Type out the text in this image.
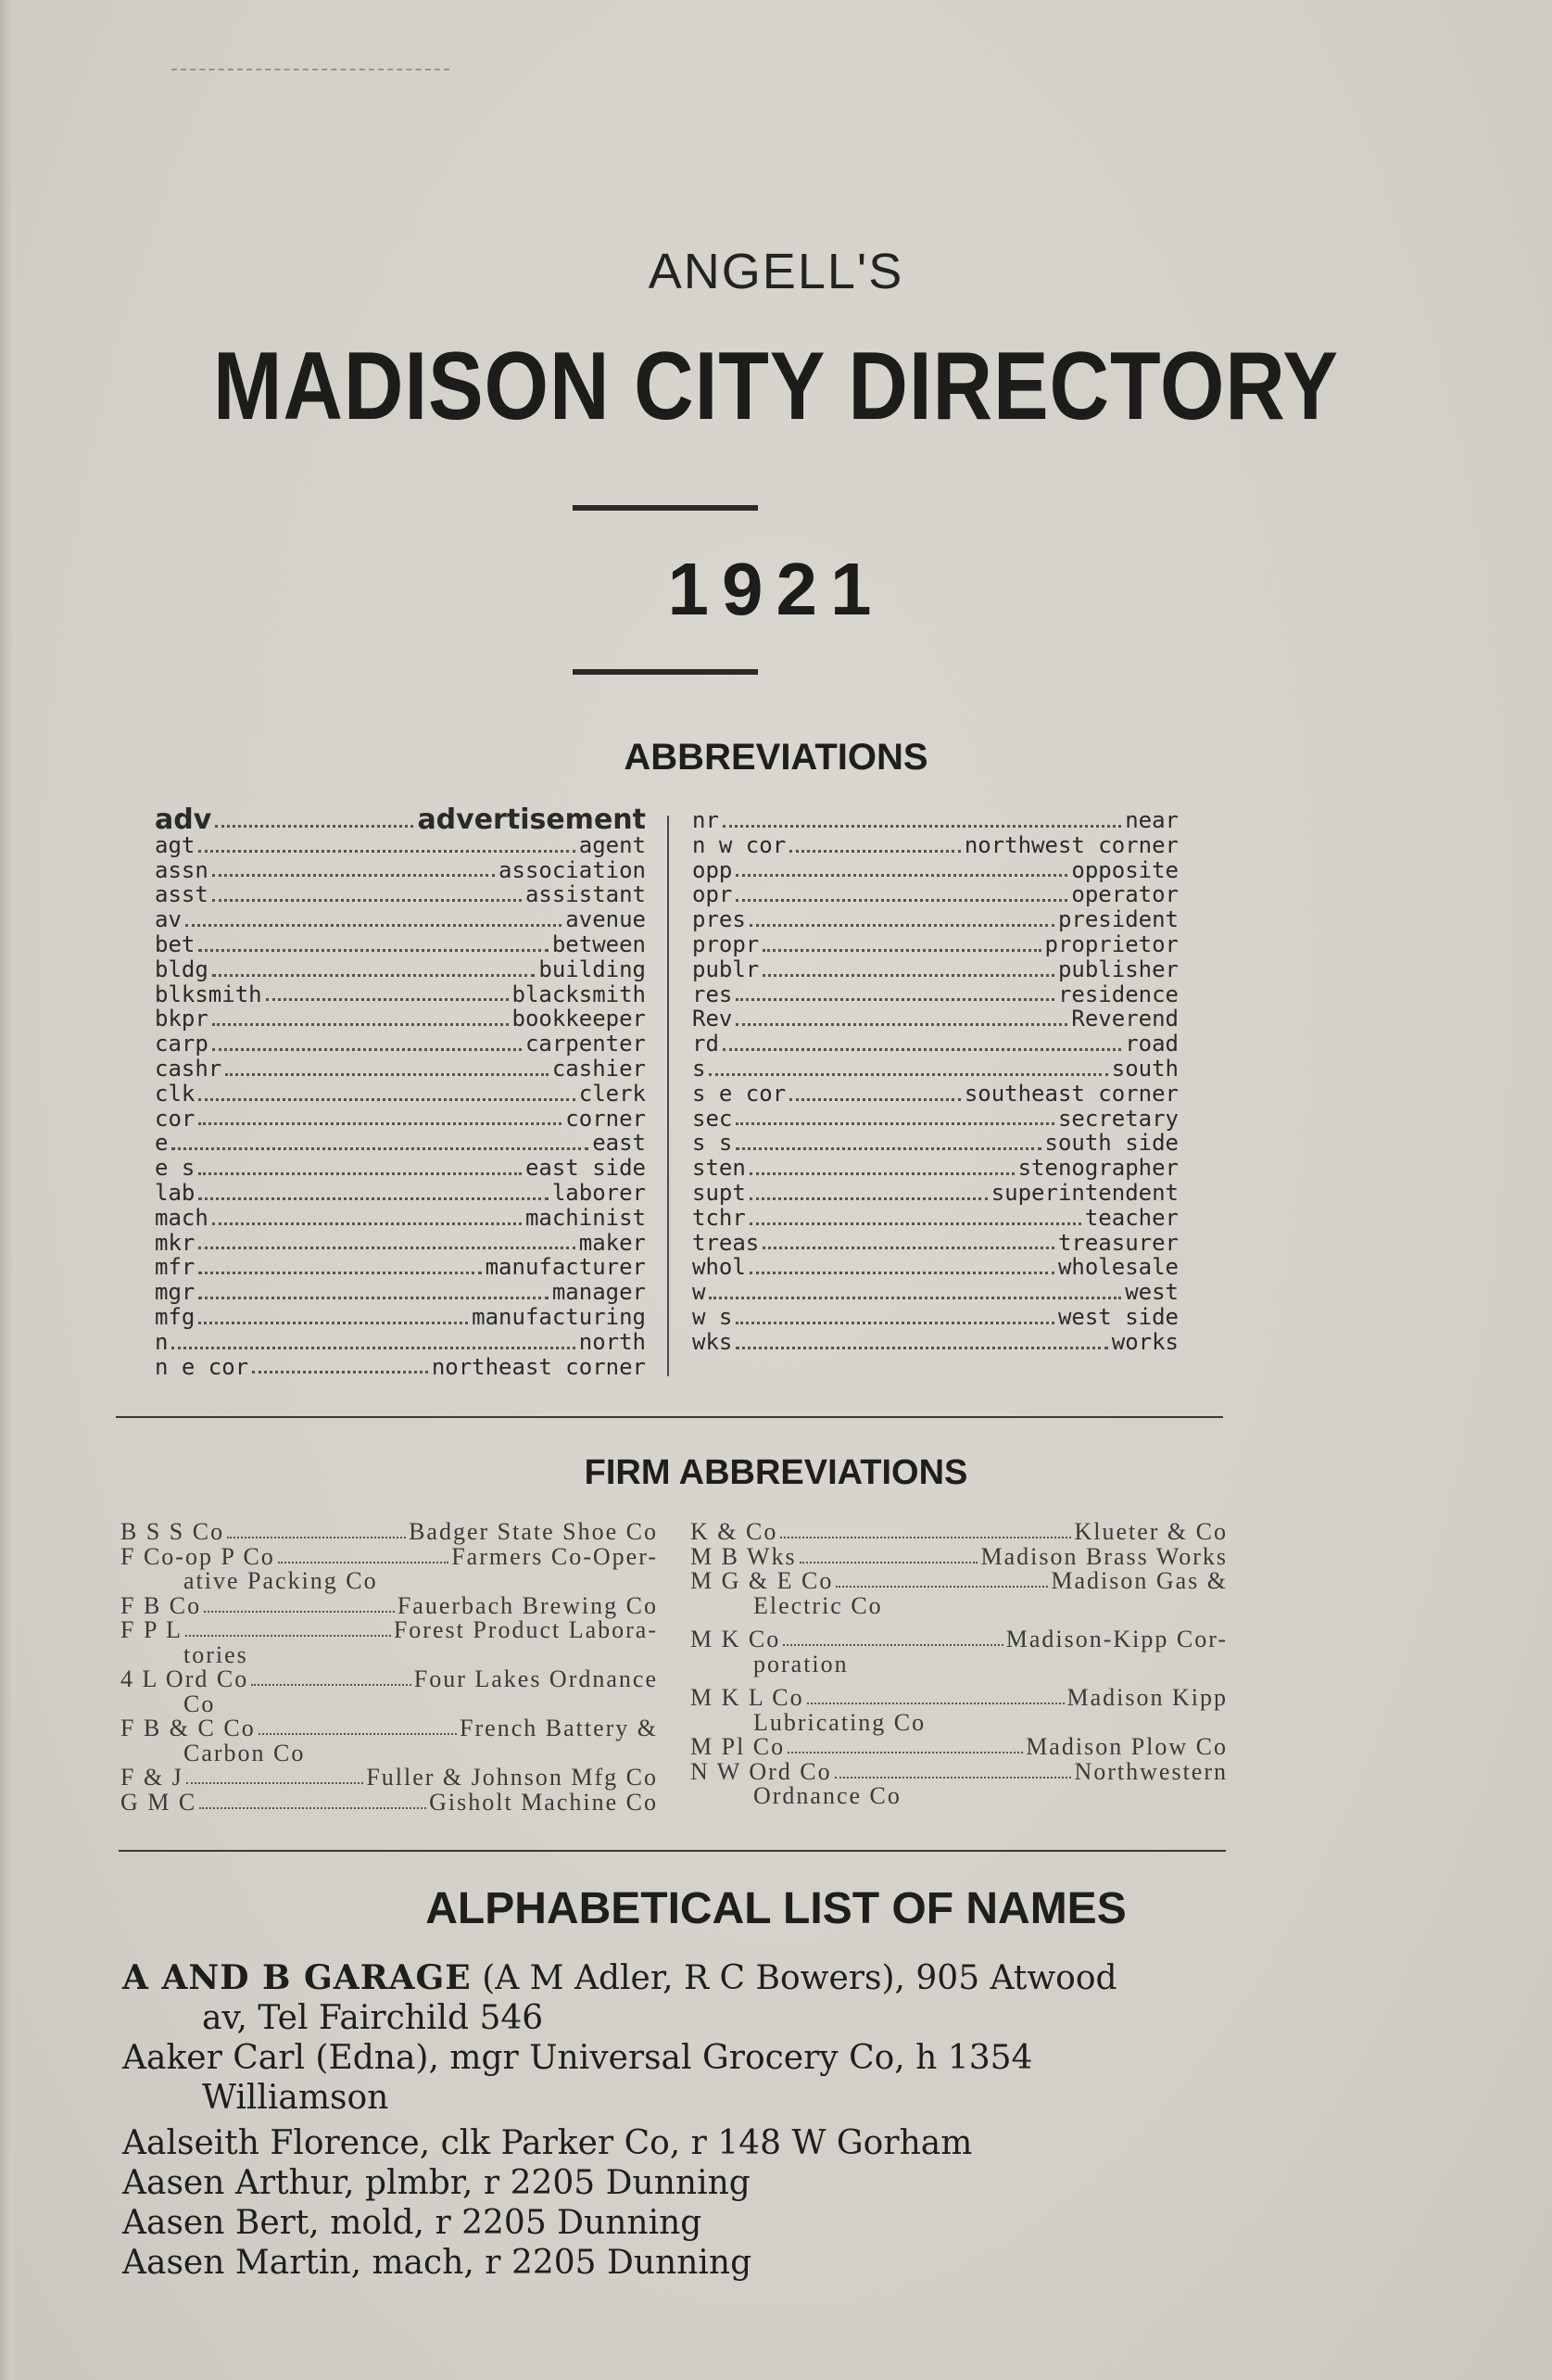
ANGELL'S
MADISON CITY DIRECTORY
1921
ABBREVIATIONS
adv	advertisement
agt	agent
assn	association
asst	assistant
av	avenue
bet	between
bldg	building
blksmith	blacksmith
bkpr	bookkeeper
carp	carpenter
cashr	cashier
clk	clerk
cor	corner
e	east
e s	east side
lab	laborer
mach	machinist
mkr	maker
mfr	manufacturer
mgr	manager
mfg	manufacturing
n	north
n e cor	northeast corner
nr	near
n w cor	northwest corner
opp	opposite
opr	operator
pres	president
propr	proprietor
publr	publisher
res	residence
Rev	Reverend
rd	road
s	south
s e cor	southeast corner
sec	secretary
s s	south side
sten	stenographer
supt	superintendent
tchr	teacher
treas	treasurer
whol	wholesale
w	west
w s	west side
wks	works
FIRM ABBREVIATIONS
B S S Co	Badger State Shoe Co
F Co-op P Co	Farmers Co-Oper-
ative Packing Co
F B Co	Fauerbach Brewing Co
F P L	Forest Product Labora-
tories
4 L Ord Co	Four Lakes Ordnance
Co
F B & C Co	French Battery &
Carbon Co
F & J	Fuller & Johnson Mfg Co
G M C	Gisholt Machine Co
K & Co	Klueter & Co
M B Wks	Madison Brass Works
M G & E Co	Madison Gas &
Electric Co
M K Co	Madison-Kipp Cor-
poration
M K L Co	Madison Kipp
Lubricating Co
M Pl Co	Madison Plow Co
N W Ord Co	Northwestern
Ordnance Co
ALPHABETICAL LIST OF NAMES
A AND B GARAGE (A M Adler, R C Bowers), 905 Atwood
av, Tel Fairchild 546
Aaker Carl (Edna), mgr Universal Grocery Co, h 1354
Williamson
Aalseith Florence, clk Parker Co, r 148 W Gorham
Aasen Arthur, plmbr, r 2205 Dunning
Aasen Bert, mold, r 2205 Dunning
Aasen Martin, mach, r 2205 Dunning
